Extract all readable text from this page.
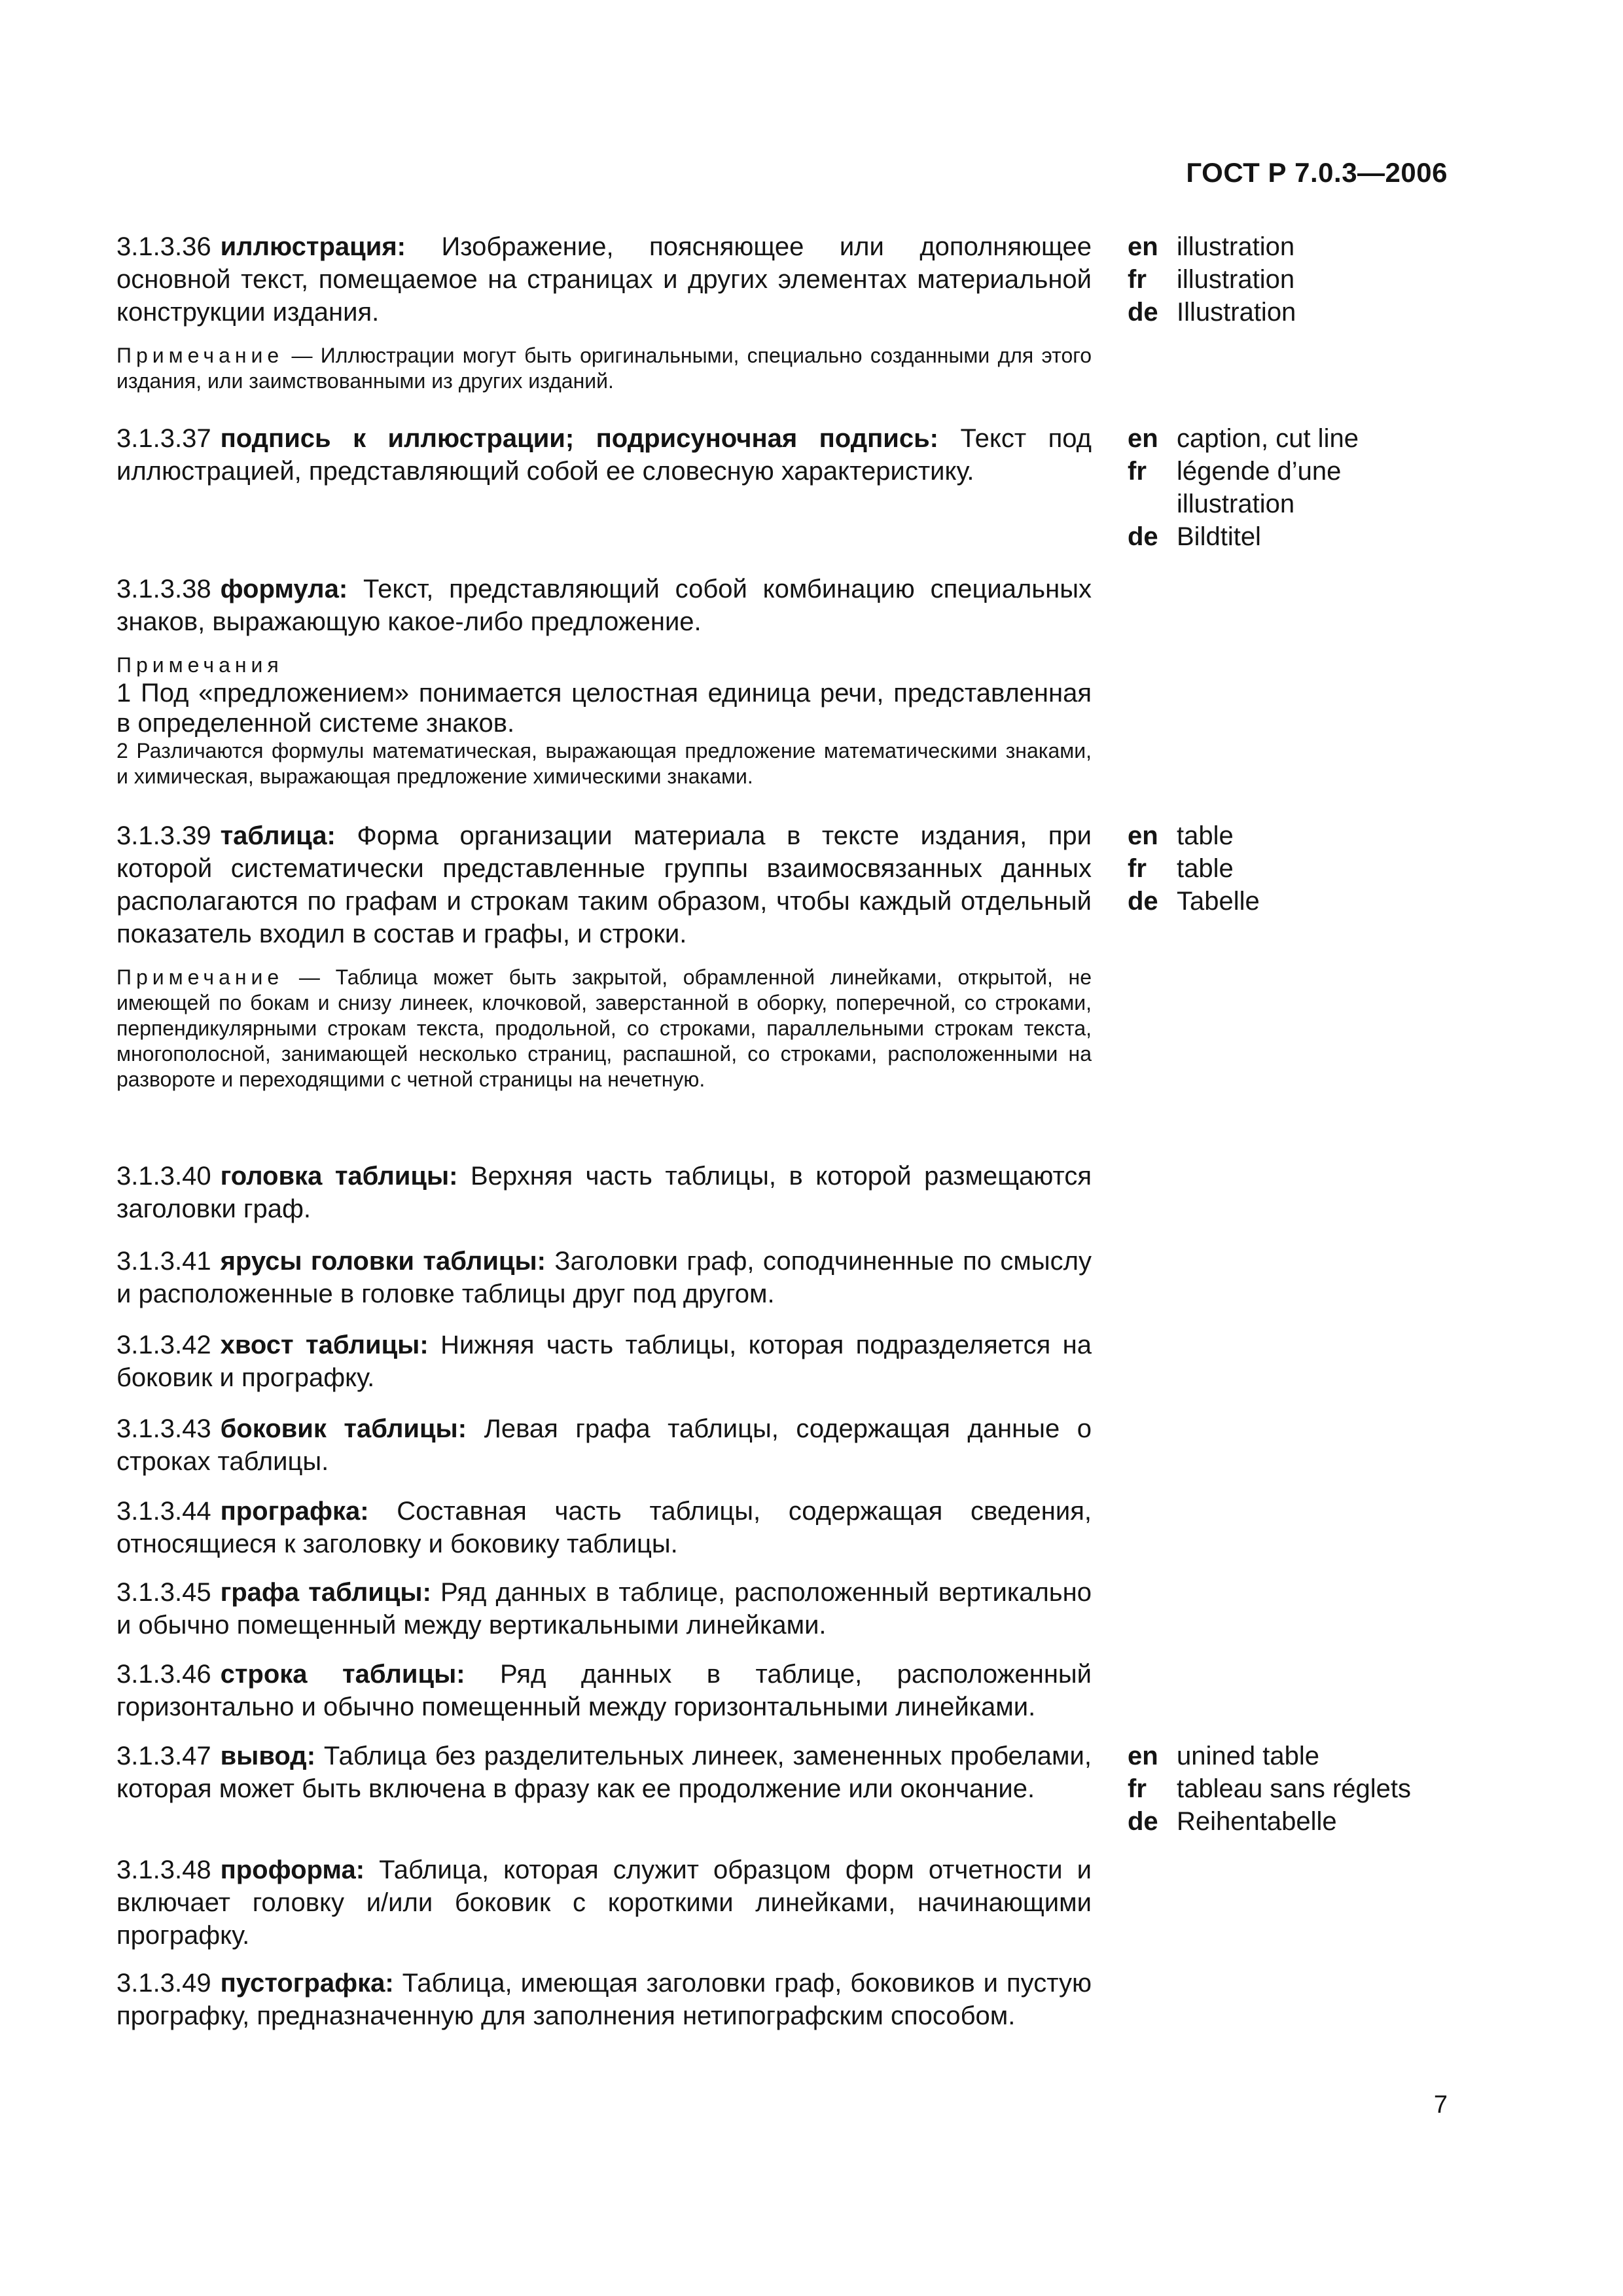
ГОСТ Р 7.0.3—2006

3.1.3.36 иллюстрация: Изображение, поясняющее или дополняющее основной текст, помещаемое на страницах и других элементах материальной конструкции издания.

Примечание — Иллюстрации могут быть оригинальными, специально созданными для этого издания, или заимствованными из других изданий.

en illustration
fr	illustration
de Illustration

3.1.3.37 подпись к иллюстрации; подрисуночная подпись: Текст под иллюстрацией, представляющий собой ее словесную характеристику.

en caption, cut line
fr	légende d’une illustration
de Bildtitel

3.1.3.38 формула: Текст, представляющий собой комбинацию специальных знаков, выражающую какое-либо предложение.

Примечания

1 Под «предложением» понимается целостная единица речи, представленная в определенной системе знаков.

2 Различаются формулы математическая, выражающая предложение математическими знаками, и химическая, выражающая предложение химическими знаками.

3.1.3.39 таблица: Форма организации материала в тексте издания, при которой систематически представленные группы взаимосвязанных данных располагаются по графам и строкам таким образом, чтобы каждый отдельный показатель входил в состав и графы, и строки.

Примечание — Таблица может быть закрытой, обрамленной линейками, открытой, не имеющей по бокам и снизу линеек, клочковой, заверстанной в оборку, поперечной, со строками, перпендикулярными строкам текста, продольной, со строками, параллельными строкам текста, многополосной, занимающей несколько страниц, распашной, со строками, расположенными на развороте и переходящими с четной страницы на нечетную.

en table
fr	table
de Tabelle

3.1.3.40 головка таблицы: Верхняя часть таблицы, в которой размещаются заголовки граф.

3.1.3.41 ярусы головки таблицы: Заголовки граф, соподчиненные по смыслу и расположенные в головке таблицы друг под другом.

3.1.3.42 хвост таблицы: Нижняя часть таблицы, которая подразделяется на боковик и прографку.

3.1.3.43 боковик таблицы: Левая графа таблицы, содержащая данные о строках таблицы.

3.1.3.44 прографка: Составная часть таблицы, содержащая сведения, относящиеся к заголовку и боковику таблицы.

3.1.3.45 графа таблицы: Ряд данных в таблице, расположенный вертикально и обычно помещенный между вертикальными линейками.

3.1.3.46 строка таблицы: Ряд данных в таблице, расположенный горизонтально и обычно помещенный между горизонтальными линейками.

3.1.3.47 вывод: Таблица без разделительных линеек, замененных пробелами, которая может быть включена в фразу как ее продолжение или окончание.

en unined table
fr	tableau sans réglets
de Reihentabelle

3.1.3.48 проформа: Таблица, которая служит образцом форм отчетности и включает головку и/или боковик с короткими линейками, начинающими прографку.

3.1.3.49 пустографка: Таблица, имеющая заголовки граф, боковиков и пустую прографку, предназначенную для заполнения нетипографским способом.

7
